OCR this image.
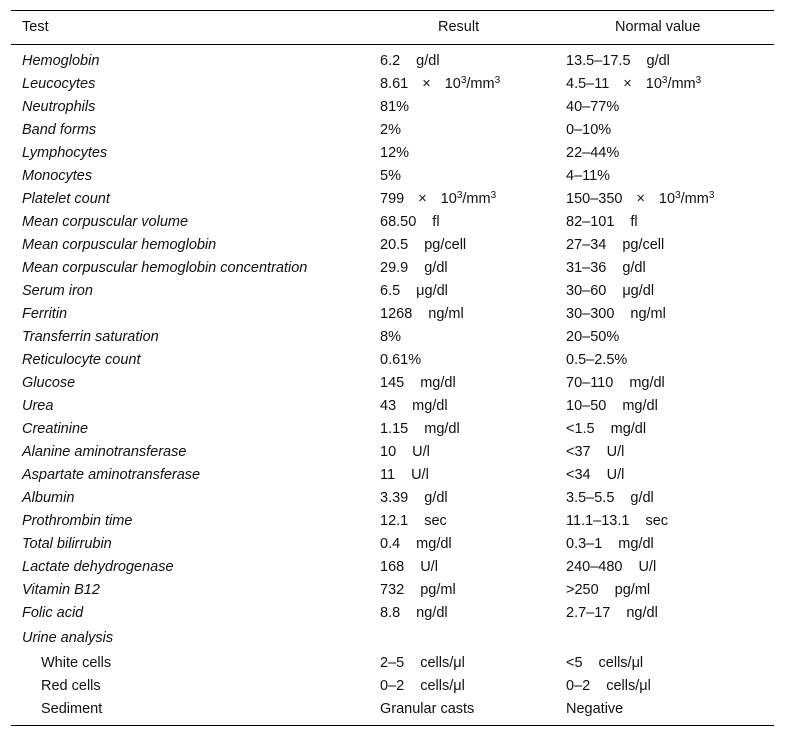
Test	Result	Normal value
Hemoglobin	6.2 g/dl	13.5–17.5 g/dl
Leucocytes	$8.61 \times 10^3/mm^3$	$4.5-11 \times 10^3/mm^3$
Neutrophils	81%	40–77%
Band forms	2%	0–10%
Lymphocytes	12%	22–44%
Monocytes	5%	4–11%
Platelet count	$799 \times 10^3/mm^3$	$150-350 \times 10^3/mm^3$
Mean corpuscular volume	68.50 fl	82–101 fl
Mean corpuscular hemoglobin	20.5 pg/cell	27–34 pg/cell
Mean corpuscular hemoglobin concentration	29.9 g/dl	31–36 g/dl
Serum iron	6.5 μg/dl	30–60 μg/dl
Ferritin	1268 ng/ml	30–300 ng/ml
Transferrin saturation	8%	20–50%
Reticulocyte count	0.61%	0.5–2.5%
Glucose	145 mg/dl	70–110 mg/dl
Urea	43 mg/dl	10–50 mg/dl
Creatinine	1.15 mg/dl	<1.5 mg/dl
Alanine aminotransferase	10 U/l	<37 U/l
Aspartate aminotransferase	11 U/l	<34 U/l
Albumin	3.39 g/dl	3.5–5.5 g/dl
Prothrombin time	12.1 sec	11.1–13.1 sec
Total bilirrubin	0.4 mg/dl	0.3–1 mg/dl
Lactate dehydrogenase	168 U/l	240–480 U/l
Vitamin B12	732 pg/ml	>250 pg/ml
Folic acid	8.8 ng/dl	2.7–17 ng/dl
Urine analysis
White cells	2–5 cells/μl	<5 cells/μl
Red cells	0–2 cells/μl	0–2 cells/μl
Sediment	Granular casts	Negative
